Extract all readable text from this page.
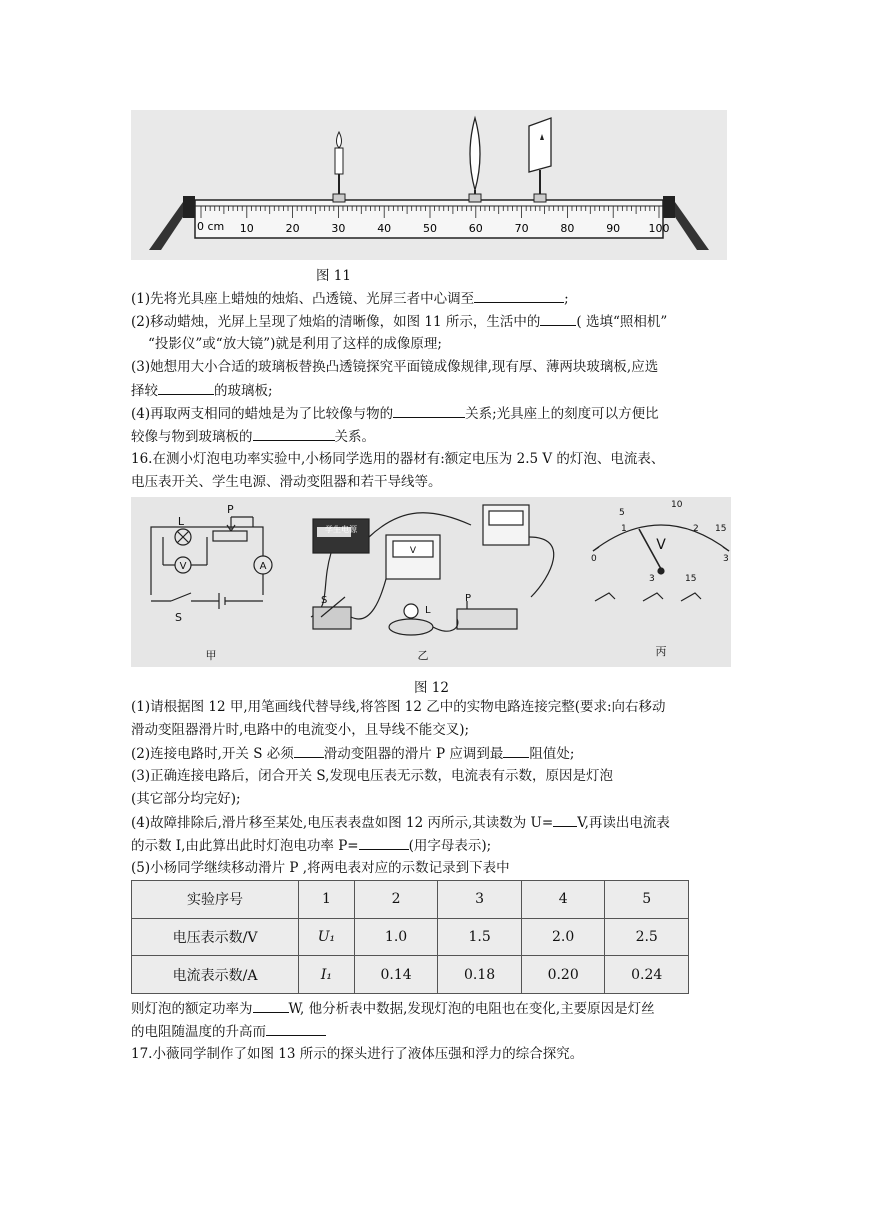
0 cm 10	20	30	40	50	60	70	80	90	100
图 11
(1)先将光具座上蜡烛的烛焰、凸透镜、光屏三者中心调至	;
(2)移动蜡烛，光屏上呈现了烛焰的清晰像，如图 11 所示，生活中的	( 选填“照相机”
“投影仪”或“放大镜”)就是利用了这样的成像原理;
(3)她想用大小合适的玻璃板替换凸透镜探究平面镜成像规律,现有厚、薄两块玻璃板,应选
择较	的玻璃板;
(4)再取两支相同的蜡烛是为了比较像与物的	关系;光具座上的刻度可以方便比
较像与物到玻璃板的	关系。
16.在测小灯泡电功率实验中,小杨同学选用的器材有:额定电压为 2.5 V 的灯泡、电流表、
电压表开关、学生电源、滑动变阻器和若干导线等。
L
P
V	A
S
甲
学生电源
V
S
L
P
乙
V
5
10
15
0
1	2
3
3	15
丙
图 12
(1)请根据图 12 甲,用笔画线代替导线,将答图 12 乙中的实物电路连接完整(要求:向右移动
滑动变阻器滑片时,电路中的电流变小，且导线不能交叉);
(2)连接电路时,开关 S 必须 滑动变阻器的滑片 P 应调到最 阻值处;
(3)正确连接电路后，闭合开关 S,发现电压表无示数，电流表有示数，原因是灯泡
(其它部分均完好);
(4)故障排除后,滑片移至某处,电压表表盘如图 12 丙所示,其读数为 U= V,再读出电流表
的示数 I,由此算出此时灯泡电功率 P=	(用字母表示);
(5)小杨同学继续移动滑片 P ,将两电表对应的示数记录到下表中
实验序号	1	2	3	4	5
电压表示数/V	U₁	1.0	1.5	2.0	2.5
电流表示数/A	I₁	0.14	0.18	0.20	0.24
则灯泡的额定功率为	W, 他分析表中数据,发现灯泡的电阻也在变化,主要原因是灯丝
的电阻随温度的升高而
17.小薇同学制作了如图 13 所示的探头进行了液体压强和浮力的综合探究。
